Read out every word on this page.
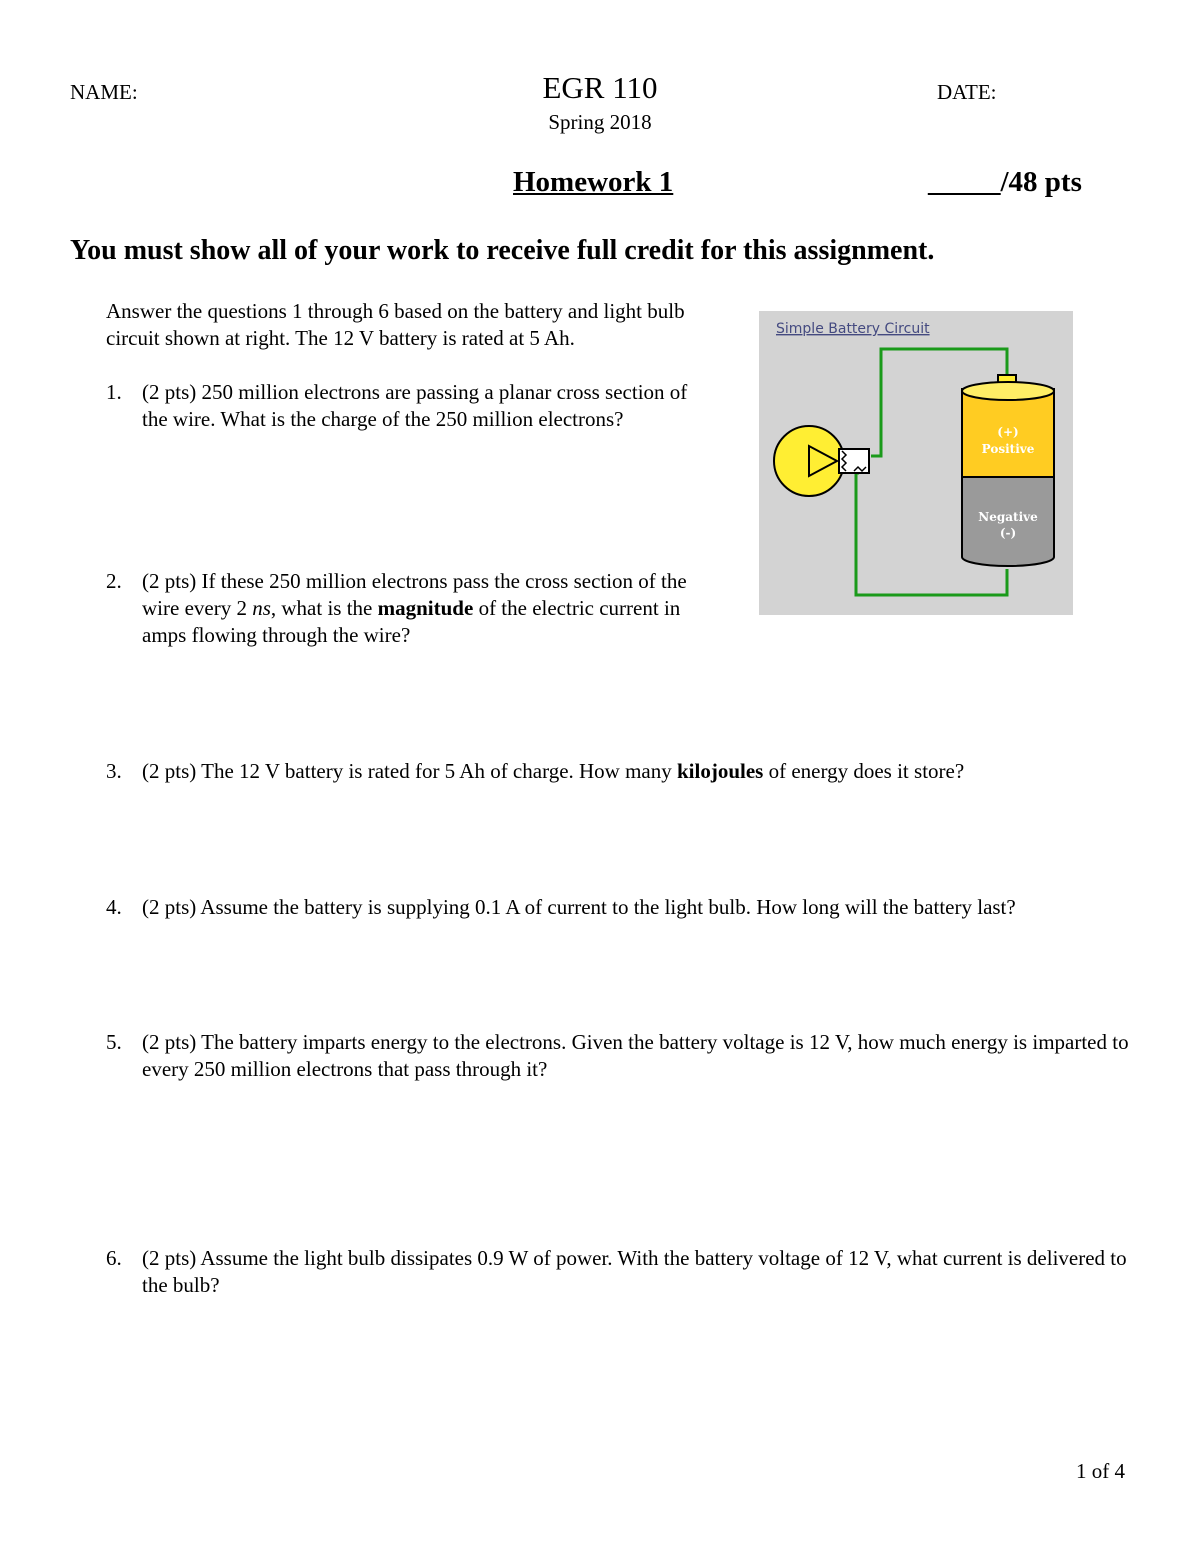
NAME:	EGR 110	DATE:
Spring 2018
Homework 1	_____/48 pts
You must show all of your work to receive full credit for this assignment.
Answer the questions 1 through 6 based on the battery and light bulb circuit shown at right. The 12 V battery is rated at 5 Ah.	Simple Battery Circuit
(+)
Positive
Negative
(-)
1. (2 pts) 250 million electrons are passing a planar cross section of the wire. What is the charge of the 250 million electrons?
2. (2 pts) If these 250 million electrons pass the cross section of the wire every 2 ns, what is the magnitude of the electric current in amps flowing through the wire?
3. (2 pts) The 12 V battery is rated for 5 Ah of charge. How many kilojoules of energy does it store?
4. (2 pts) Assume the battery is supplying 0.1 A of current to the light bulb. How long will the battery last?
5. (2 pts) The battery imparts energy to the electrons. Given the battery voltage is 12 V, how much energy is imparted to every 250 million electrons that pass through it?
6. (2 pts) Assume the light bulb dissipates 0.9 W of power. With the battery voltage of 12 V, what current is delivered to the bulb?
1 of 4
